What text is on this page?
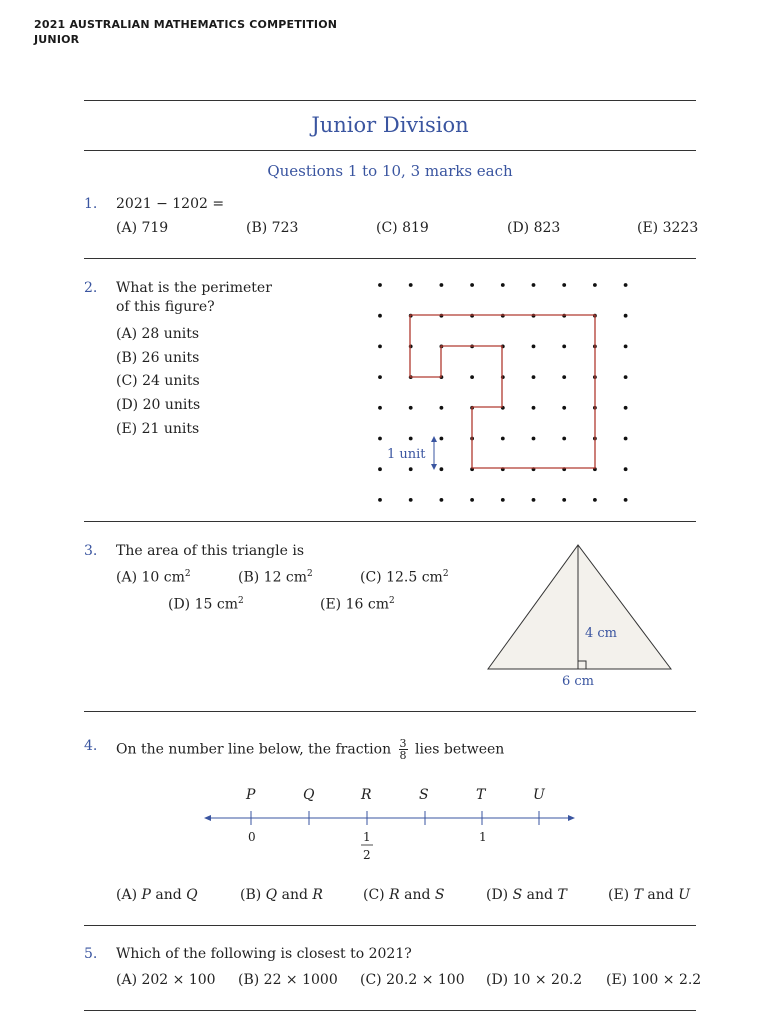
2021 AUSTRALIAN MATHEMATICS COMPETITION
JUNIOR
Junior Division
Questions 1 to 10, 3 marks each
1. 2021 − 1202 =
(A) 719	(B) 723	(C) 819	(D) 823	(E) 3223
2. What is the perimeter
of this figure?
(A) 28 units
(B) 26 units
(C) 24 units
(D) 20 units
(E) 21 units
3. The area of this triangle is
(A) 10 $cm^2$	(B) 12 $cm^2$	(C) 12.5 $cm^2$
(D) 15 $cm^2$	(E) 16 $cm^2$
4. On the number line below, the fraction $\frac{3}{8}$ lies between
(A) P and Q	(B) Q and R	(C) R and S	(D) S and T	(E) T and U
5. Which of the following is closest to 2021?
(A) 202 × 100 (B) 22 × 1000 (C) 20.2 × 100 (D) 10 × 20.2 (E) 100 × 2.2
1 unit
4 cm
6 cm
P	Q	R	S	T	U
0	1
2
1
